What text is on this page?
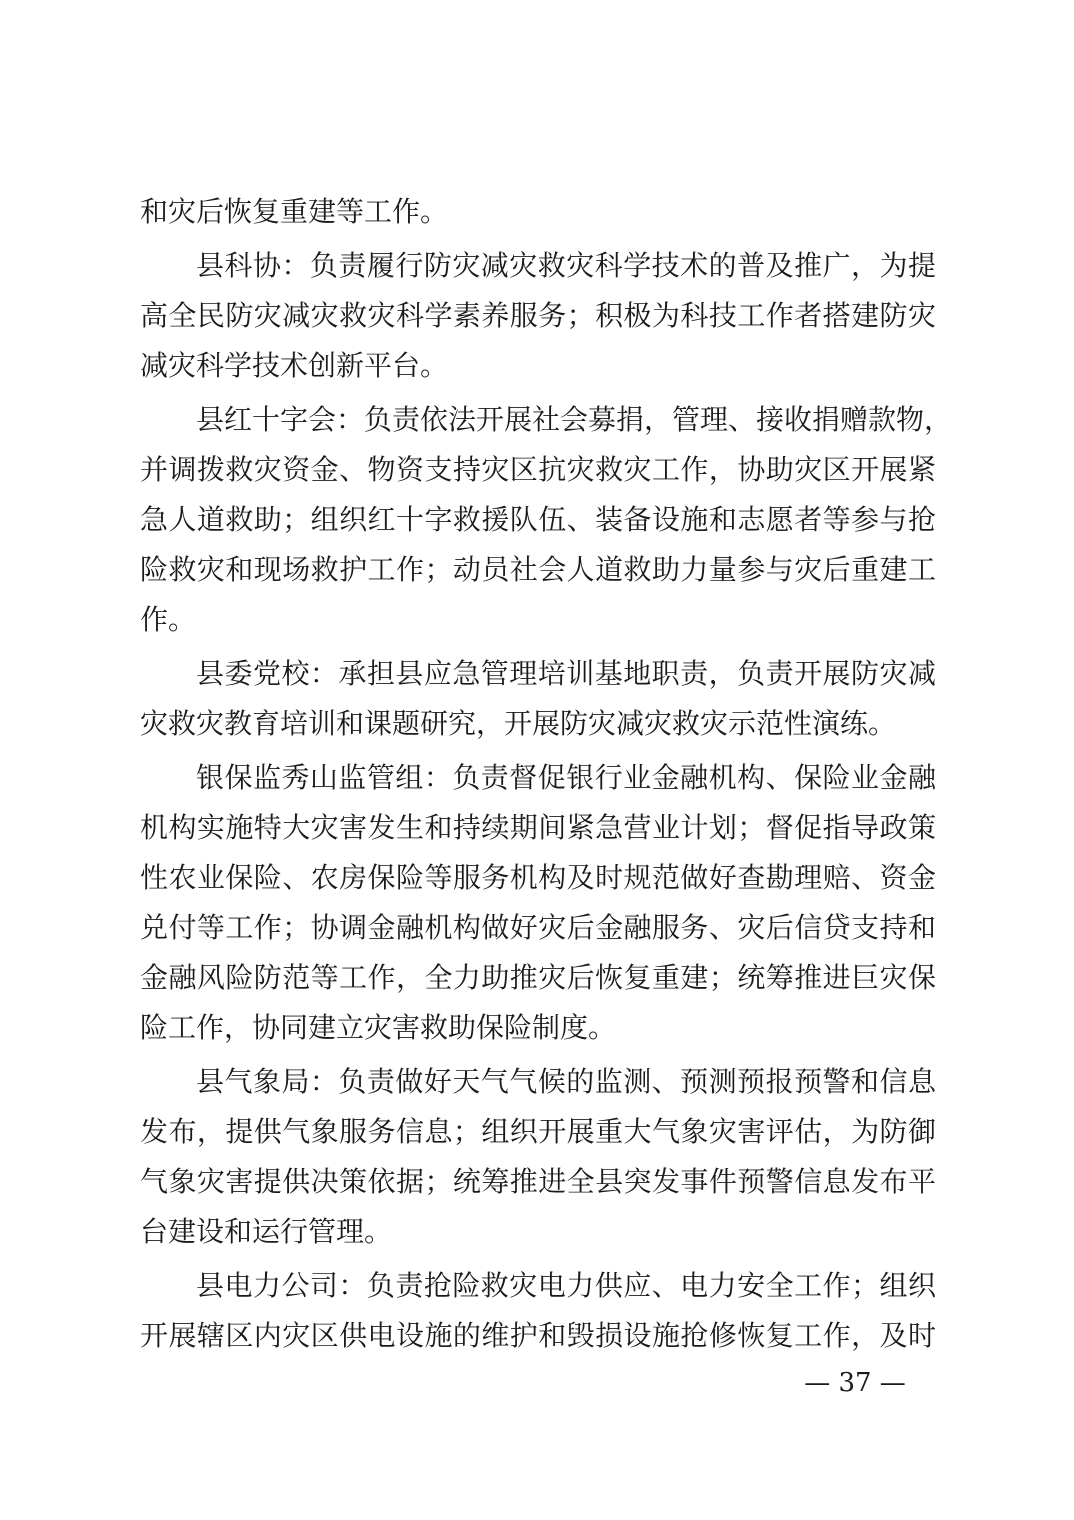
和灾后恢复重建等工作。
县科协：负责履行防灾减灾救灾科学技术的普及推广，为提
高全民防灾减灾救灾科学素养服务；积极为科技工作者搭建防灾
减灾科学技术创新平台。
县红十字会：负责依法开展社会募捐，管理、接收捐赠款物，
并调拨救灾资金、物资支持灾区抗灾救灾工作，协助灾区开展紧
急人道救助；组织红十字救援队伍、装备设施和志愿者等参与抢
险救灾和现场救护工作；动员社会人道救助力量参与灾后重建工
作。
县委党校：承担县应急管理培训基地职责，负责开展防灾减
灾救灾教育培训和课题研究，开展防灾减灾救灾示范性演练。
银保监秀山监管组：负责督促银行业金融机构、保险业金融
机构实施特大灾害发生和持续期间紧急营业计划；督促指导政策
性农业保险、农房保险等服务机构及时规范做好查勘理赔、资金
兑付等工作；协调金融机构做好灾后金融服务、灾后信贷支持和
金融风险防范等工作，全力助推灾后恢复重建；统筹推进巨灾保
险工作，协同建立灾害救助保险制度。
县气象局：负责做好天气气候的监测、预测预报预警和信息
发布，提供气象服务信息；组织开展重大气象灾害评估，为防御
气象灾害提供决策依据；统筹推进全县突发事件预警信息发布平
台建设和运行管理。
县电力公司：负责抢险救灾电力供应、电力安全工作；组织
开展辖区内灾区供电设施的维护和毁损设施抢修恢复工作，及时
— 37 —
